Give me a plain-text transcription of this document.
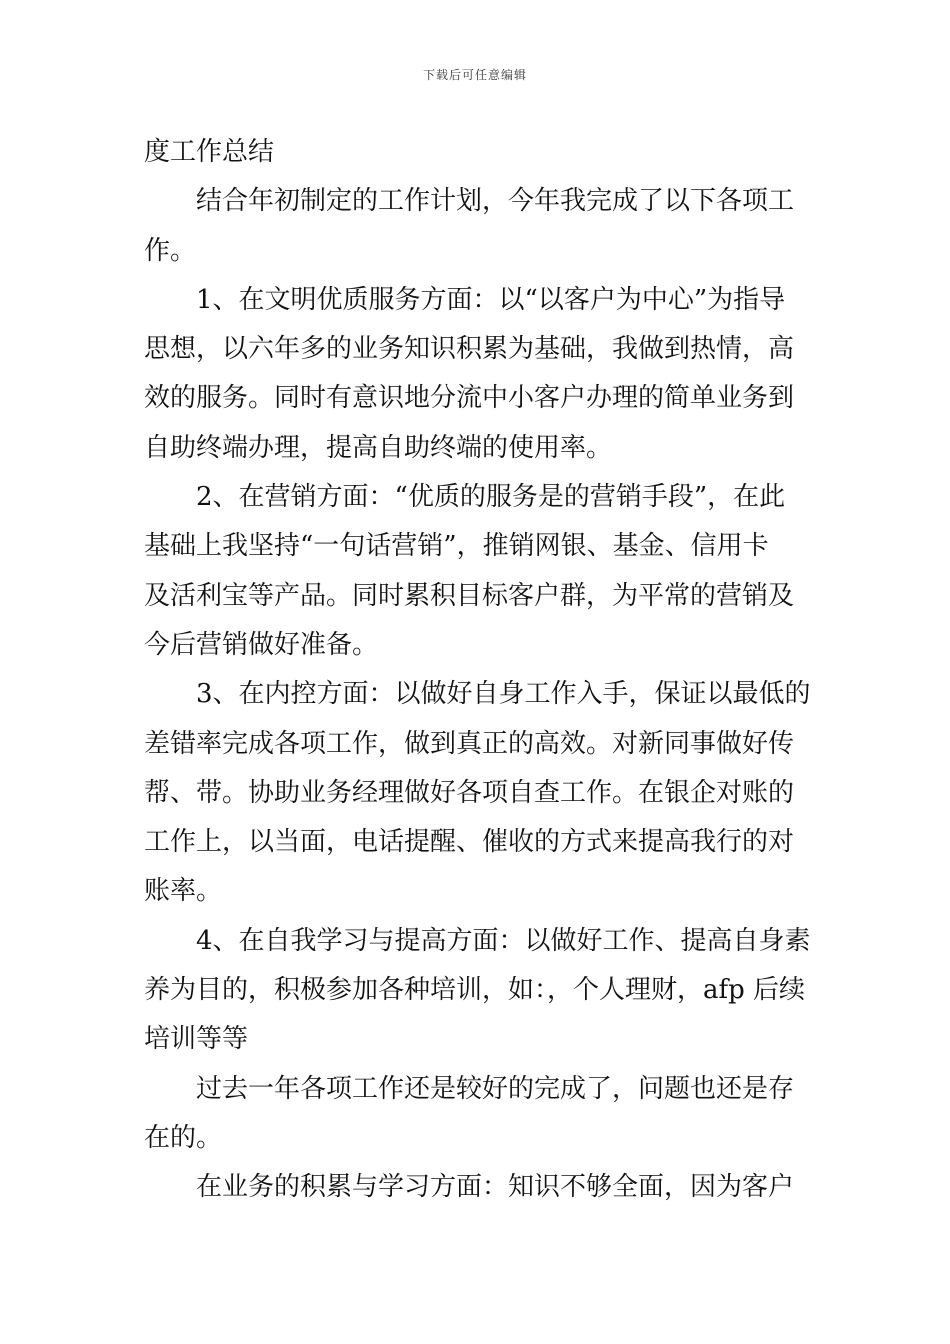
下载后可任意编辑
度工作总结
结合年初制定的工作计划，今年我完成了以下各项工
作。
1、在文明优质服务方面：以“以客户为中心”为指导
思想，以六年多的业务知识积累为基础，我做到热情，高
效的服务。同时有意识地分流中小客户办理的简单业务到
自助终端办理，提高自助终端的使用率。
2、在营销方面：“优质的服务是的营销手段”，在此
基础上我坚持“一句话营销”，推销网银、基金、信用卡
及活利宝等产品。同时累积目标客户群，为平常的营销及
今后营销做好准备。
3、在内控方面：以做好自身工作入手，保证以最低的
差错率完成各项工作，做到真正的高效。对新同事做好传
帮、带。协助业务经理做好各项自查工作。在银企对账的
工作上，以当面，电话提醒、催收的方式来提高我行的对
账率。
4、在自我学习与提高方面：以做好工作、提高自身素
养为目的，积极参加各种培训，如：，个人理财，afp 后续
培训等等
过去一年各项工作还是较好的完成了，问题也还是存
在的。
在业务的积累与学习方面：知识不够全面，因为客户
